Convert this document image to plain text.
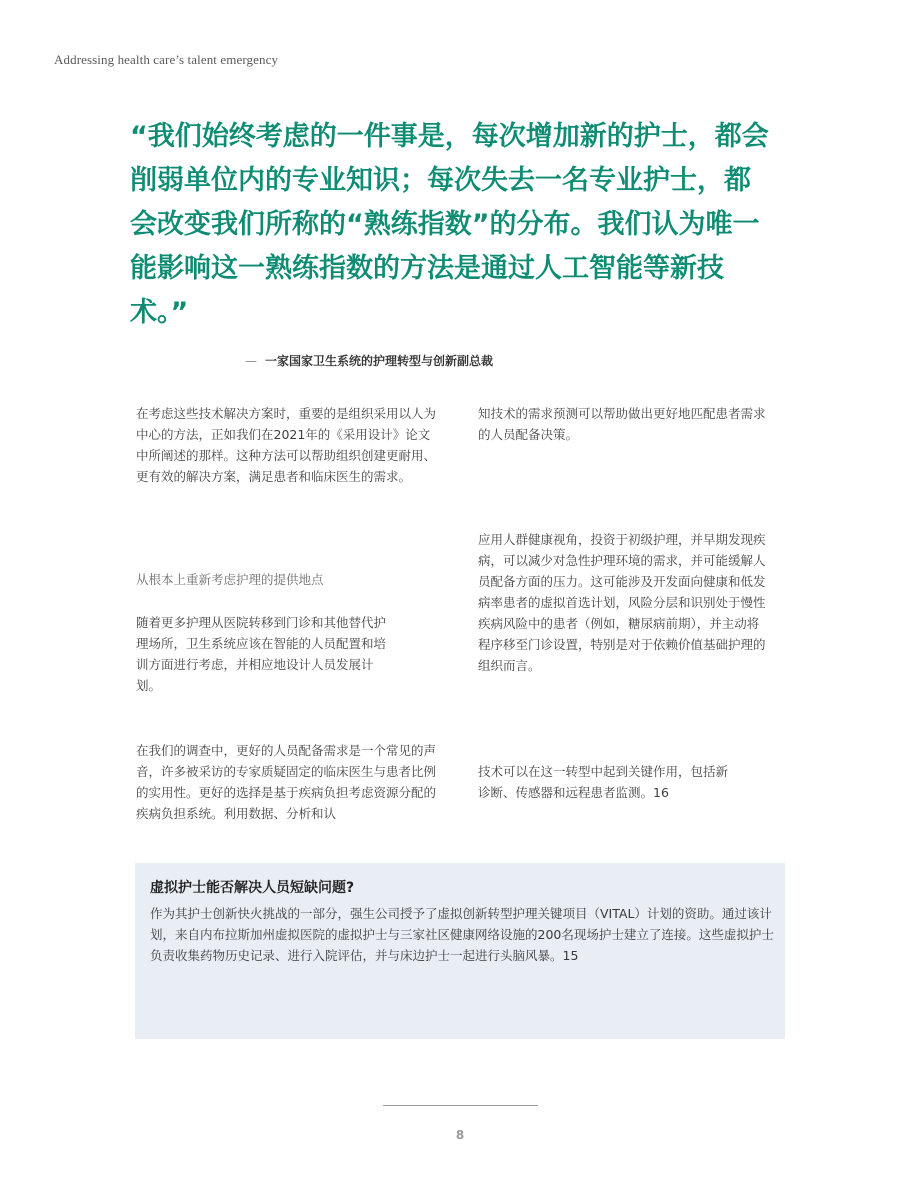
Addressing health care’s talent emergency

“我们始终考虑的一件事是，每次增加新的护士，都会削弱单位内的专业知识；每次失去一名专业护士，都会改变我们所称的“熟练指数”的分布。我们认为唯一能影响这一熟练指数的方法是通过人工智能等新技术。”

— 一家国家卫生系统的护理转型与创新副总裁

在考虑这些技术解决方案时，重要的是组织采用以人为中心的方法，正如我们在2021年的《采用设计》论文中所阐述的那样。这种方法可以帮助组织创建更耐用、更有效的解决方案，满足患者和临床医生的需求。

从根本上重新考虑护理的提供地点

随着更多护理从医院转移到门诊和其他替代护理场所，卫生系统应该在智能的人员配置和培训方面进行考虑，并相应地设计人员发展计划。

在我们的调查中，更好的人员配备需求是一个常见的声音，许多被采访的专家质疑固定的临床医生与患者比例的实用性。更好的选择是基于疾病负担考虑资源分配的疾病负担系统。利用数据、分析和认

知技术的需求预测可以帮助做出更好地匹配患者需求的人员配备决策。

应用人群健康视角，投资于初级护理，并早期发现疾病，可以减少对急性护理环境的需求，并可能缓解人员配备方面的压力。这可能涉及开发面向健康和低发病率患者的虚拟首选计划，风险分层和识别处于慢性疾病风险中的患者（例如，糖尿病前期），并主动将程序移至门诊设置，特别是对于依赖价值基础护理的组织而言。

技术可以在这一转型中起到关键作用，包括新诊断、传感器和远程患者监测。16

虚拟护士能否解决人员短缺问题?

作为其护士创新快火挑战的一部分，强生公司授予了虚拟创新转型护理关键项目（VITAL）计划的资助。通过该计划，来自内布拉斯加州虚拟医院的虚拟护士与三家社区健康网络设施的200名现场护士建立了连接。这些虚拟护士负责收集药物历史记录、进行入院评估，并与床边护士一起进行头脑风暴。15

8
